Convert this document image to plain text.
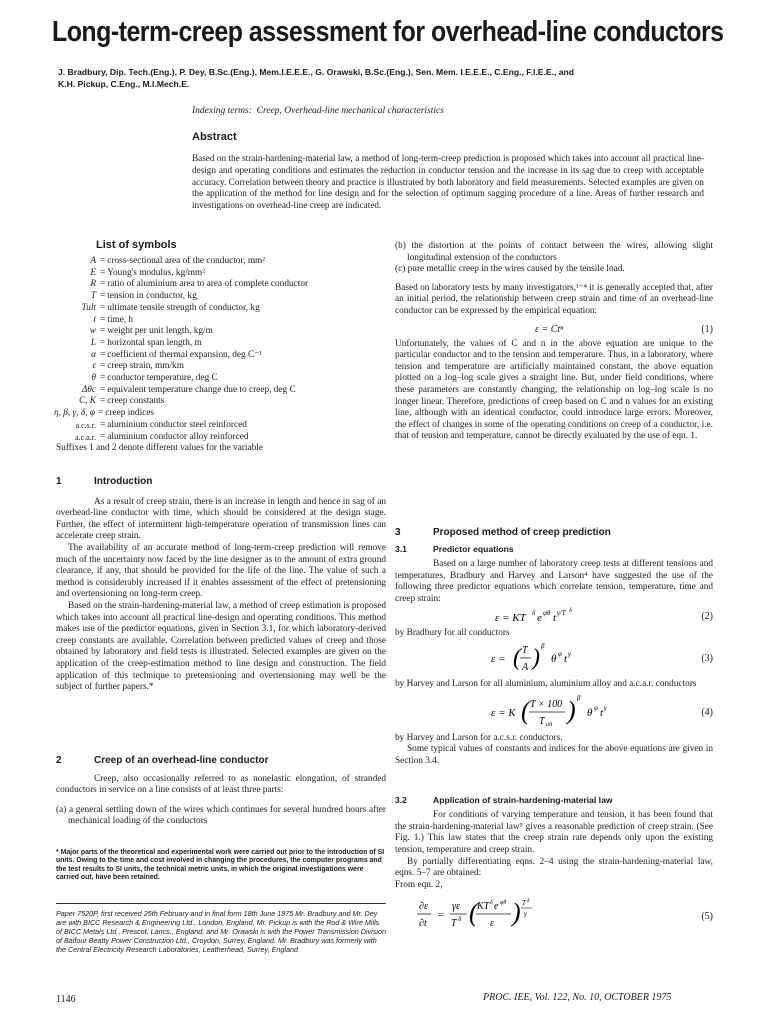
Long-term-creep assessment for overhead-line conductors
J. Bradbury, Dip. Tech.(Eng.), P. Dey, B.Sc.(Eng.), Mem.I.E.E.E., G. Orawski, B.Sc.(Eng.), Sen. Mem. I.E.E.E., C.Eng., F.I.E.E., and
K.H. Pickup, C.Eng., M.I.Mech.E.
Indexing terms: Creep, Overhead-line mechanical characteristics
Abstract
Based on the strain-hardening-material law, a method of long-term-creep prediction is proposed which takes into account all practical line-design and operating conditions and estimates the reduction in conductor tension and the increase in its sag due to creep with acceptable accuracy. Correlation between theory and practice is illustrated by both laboratory and field measurements. Selected examples are given on the application of the method for line design and for the selection of optimum sagging procedure of a line. Areas of further research and investigations on overhead-line creep are indicated.
List of symbols
A = cross-sectional area of the conductor, mm²
E = Young's modulus, kg/mm²
R = ratio of aluminium area to area of complete conductor
T = tension in conductor, kg
Tult = ultimate tensile strength of conductor, kg
t = time, h
w = weight per unit length, kg/m
L = horizontal span length, m
α = coefficient of thermal expansion, deg C⁻¹
ε = creep strain, mm/km
θ = conductor temperature, deg C
Δθc = equivalent temperature change due to creep, deg C
C, K = creep constants
η, β, γ, δ, φ = creep indices
a.c.s.r. = aluminium conductor steel reinforced
a.c.a.r. = aluminium conductor alloy reinforced
Suffixes 1 and 2 denote different values for the variable
1	Introduction

As a result of creep strain, there is an increase in length and hence in sag of an overhead-line conductor with time, which should be considered at the design stage. Further, the effect of intermittent high-temperature operation of transmission lines can accelerate creep strain.

The availability of an accurate method of long-term-creep prediction will remove much of the uncertainty now faced by the line designer as to the amount of extra ground clearance, if any, that should be provided for the life of the line. The value of such a method is considerably increased if it enables assessment of the effect of pretensioning and overtensioning on long-term creep.

Based on the strain-hardening-material law, a method of creep estimation is proposed which takes into account all practical line-design and operating conditions. This method makes use of the predictor equations, given in Section 3.1, for which laboratory-derived creep constants are available. Correlation between predicted values of creep and those obtained by laboratory and field tests is illustrated. Selected examples are given on the application of the creep-estimation method to line design and construction. The field application of this technique to pretensioning and overtensioning may well be the subject of further papers.*

2	Creep of an overhead-line conductor

Creep, also occasionally referred to as nonelastic elongation, of stranded conductors in service on a line consists of at least three parts:

(a) a general settling down of the wires which continues for several hundred hours after mechanical loading of the conductors

* Major parts of the theoretical and experimental work were carried out prior to the introduction of SI units. Owing to the time and cost involved in changing the procedures, the computer programs and the test results to SI units, the technical metric units, in which the original investigations were carried out, have been retained.
Paper 7520P, first received 25th February and in final form 18th June 1975 Mr. Bradbury and Mr. Dey are with BICC Research & Engineering Ltd., London, England, Mr. Pickup is with the Rod & Wire Mills of BICC Metals Ltd., Prescot, Lancs., England, and Mr. Orawski is with the Power Transmission Division of Balfour Beatty Power Construction Ltd., Croydon, Surrey, England. Mr. Bradbury was formerly with the Central Electricity Research Laboratories, Leatherhead, Surrey, England

(b) the distortion at the points of contact between the wires, allowing slight longitudinal extension of the conductors

(c) pure metallic creep in the wires caused by the tensile load.

Based on laboratory tests by many investigators,¹⁻⁴ it is generally accepted that, after an initial period, the relationship between creep strain and time of an overhead-line conductor can be expressed by the empirical equation:

ε = Ctⁿ	(1)

Unfortunately, the values of C and n in the above equation are unique to the particular conductor and to the tension and temperature. Thus, in a laboratory, where tension and temperature are artificially maintained constant, the above equation plotted on a log–log scale gives a straight line. But, under field conditions, where these parameters are constantly changing, the relationship on log–log scale is no longer linear. Therefore, predictions of creep based on C and n values for an existing line, although with an identical conductor, could introduce large errors. Moreover, the effect of changes in some of the operating conditions on creep of a conductor, i.e. that of tension and temperature, cannot be directly evaluated by the use of eqn. 1.

3	Proposed method of creep prediction
3.1	Predictor equations

Based on a large number of laboratory creep tests at different tensions and temperatures, Bradbury and Harvey and Larson⁴ have suggested the use of the following three predictor equations which correlate tension, temperature, time and creep strain:

ε = KT δ e φθ t γ/T δ	(2)

by Bradbury for all conductors

ε = ( T
A ) β
θ φ t γ	(3)

by Harvey and Larson for all aluminium, aluminium alloy and a.c.a.r. conductors

ε = K ( T × 100
T ult ) β
θ φ t γ	(4)

by Harvey and Larson for a.c.s.r. conductors.

Some typical values of constants and indices for the above equations are given in Section 3.4.

3.2	Application of strain-hardening-material law

For conditions of varying temperature and tension, it has been found that the strain-hardening-material law⁵ gives a reasonable prediction of creep strain. (See Fig. 1.) This law states that the creep strain rate depends only upon the existing tension, temperature and creep strain.

By partially differentiating eqns. 2–4 using the strain-hardening-material law, eqns. 5–7 are obtained:

From eqn. 2,

∂ε
∂t
=
γε
T δ ( KT δ e φθ
ε ) T δ
γ	(5)
1146	PROC. IEE, Vol. 122, No. 10, OCTOBER 1975
